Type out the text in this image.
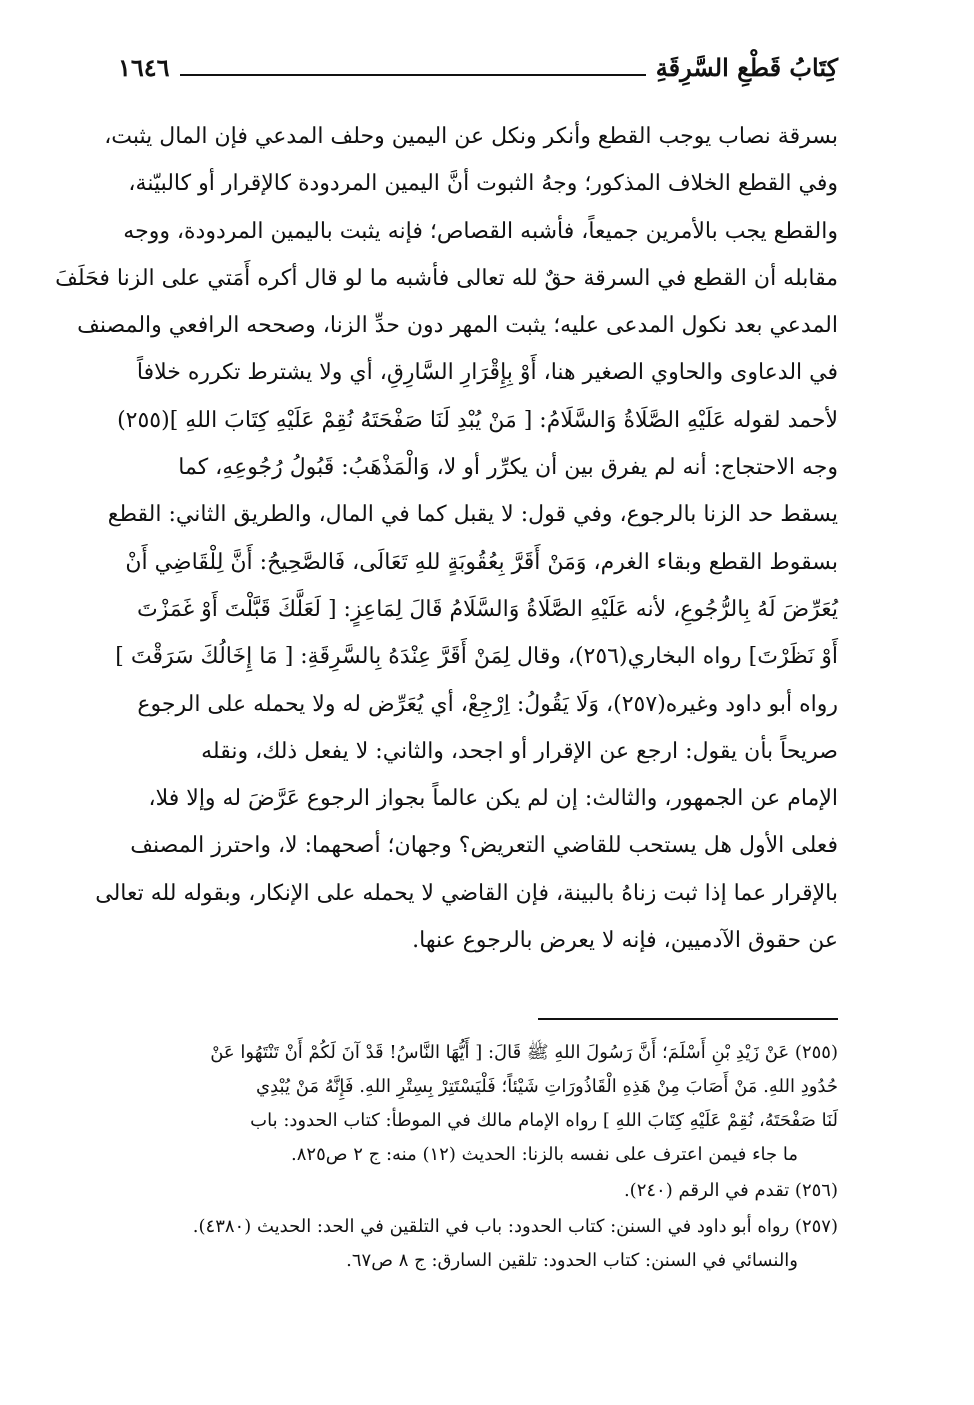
كِتَابُ قَطْعِ السَّرِقَةِ
١٦٤٦
بسرقة نصاب يوجب القطع وأنكر ونكل عن اليمين وحلف المدعي فإن المال يثبت،
وفي القطع الخلاف المذكور؛ وجهُ الثبوت أنَّ اليمين المردودة كالإقرار أو كالبيّنة،
والقطع يجب بالأمرين جميعاً، فأشبه القصاص؛ فإنه يثبت باليمين المردودة، ووجه
مقابله أن القطع في السرقة حقٌ لله تعالى فأشبه ما لو قال أكره أَمَتي على الزنا فحَلَفَ
المدعي بعد نكول المدعى عليه؛ يثبت المهر دون حدِّ الزنا، وصححه الرافعي والمصنف
في الدعاوى والحاوي الصغير هنا، أَوْ بِإِقْرَارِ السَّارِقِ، أي ولا يشترط تكرره خلافاً
لأحمد لقوله عَلَيْهِ الصَّلَاةُ وَالسَّلَامُ: [ مَنْ يُبْدِ لَنَا صَفْحَتَهُ نُقِمْ عَلَيْهِ كِتَابَ اللهِ ](٢٥٥)
وجه الاحتجاج: أنه لم يفرق بين أن يكرِّر أو لا، وَالْمَذْهَبُ: قَبُولُ رُجُوعِهِ، كما
يسقط حد الزنا بالرجوع، وفي قول: لا يقبل كما في المال، والطريق الثاني: القطع
بسقوط القطع وبقاء الغرم، وَمَنْ أَقَرَّ بِعُقُوبَةٍ للهِ تَعَالَى، فَالصَّحِيحُ: أَنَّ لِلْقَاضِي أَنْ
يُعَرِّضَ لَهُ بِالرُّجُوعِ، لأنه عَلَيْهِ الصَّلَاةُ وَالسَّلَامُ قَالَ لِمَاعِزٍ: [ لَعَلَّكَ قَبَّلْتَ أَوْ غَمَزْتَ
أَوْ نَظَرْتَ] رواه البخاري(٢٥٦)، وقال لِمَنْ أَقَرَّ عِنْدَهُ بِالسَّرِقَةِ: [ مَا إِخَالُكَ سَرَقْتَ ]
رواه أبو داود وغيره(٢٥٧)، وَلَا يَقُولُ: اِرْجِعْ، أي يُعَرِّض له ولا يحمله على الرجوع
صريحاً بأن يقول: ارجع عن الإقرار أو اجحد، والثاني: لا يفعل ذلك، ونقله
الإمام عن الجمهور، والثالث: إن لم يكن عالماً بجواز الرجوع عَرَّضَ له وإلا فلا،
فعلى الأول هل يستحب للقاضي التعريض؟ وجهان؛ أصحهما: لا، واحترز المصنف
بالإقرار عما إذا ثبت زناهُ بالبينة، فإن القاضي لا يحمله على الإنكار، وبقوله لله تعالى
عن حقوق الآدميين، فإنه لا يعرض بالرجوع عنها.
(٢٥٥) عَنْ زَيْدِ بْنِ أَسْلَمَ؛ أَنَّ رَسُولَ اللهِ ﷺ قَالَ: [ أَيُّهَا النَّاسُ! قَدْ آنَ لَكُمْ أَنْ تَنْتَهُوا عَنْ
حُدُودِ اللهِ. مَنْ أَصَابَ مِنْ هَذِهِ الْقَاذُورَاتِ شَيْئاً؛ فَلْيَسْتَتِرْ بِسِتْرِ اللهِ. فَإِنَّهُ مَنْ يُبْدِي
لَنَا صَفْحَتَهُ، نُقِمْ عَلَيْهِ كِتَابَ اللهِ ] رواه الإمام مالك في الموطأ: كتاب الحدود: باب
ما جاء فيمن اعترف على نفسه بالزنا: الحديث (١٢) منه: ج ٢ ص٨٢٥.
(٢٥٦) تقدم في الرقم (٢٤٠).
(٢٥٧) رواه أبو داود في السنن: كتاب الحدود: باب في التلقين في الحد: الحديث (٤٣٨٠).
والنسائي في السنن: كتاب الحدود: تلقين السارق: ج ٨ ص٦٧.
